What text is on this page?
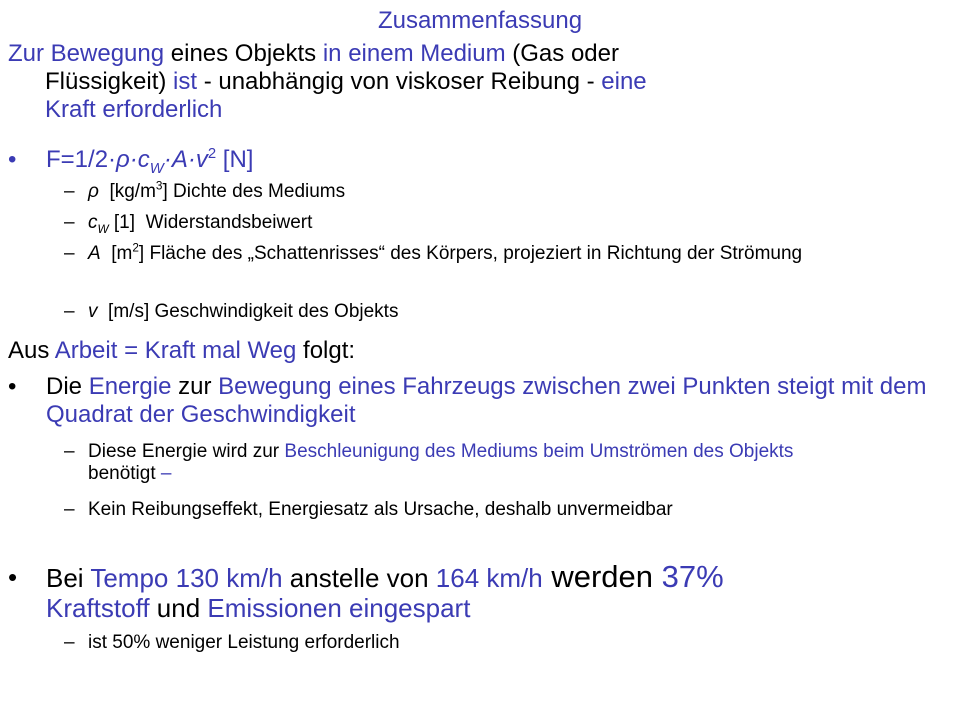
Zusammenfassung
Zur Bewegung eines Objekts in einem Medium (Gas oder
Flüssigkeit) ist - unabhängig von viskoser Reibung - eine
Kraft erforderlich
•	$F=1/2\cdot\rho\cdot c_W\cdot A\cdot v^2$ [N]
– ρ  $[kg/m^3]$ Dichte des Mediums
– $c_W$ [1]  Widerstandsbeiwert
– A  $[m^2]$ Fläche des „Schattenrisses“ des Körpers, projeziert in Richtung der Strömung
– v  [m/s] Geschwindigkeit des Objekts
Aus Arbeit = Kraft mal Weg folgt:
•	Die Energie zur Bewegung eines Fahrzeugs zwischen zwei Punkten steigt mit dem Quadrat der Geschwindigkeit
– Diese Energie wird zur Beschleunigung des Mediums beim Umströmen des Objekts benötigt –
– Kein Reibungseffekt, Energiesatz als Ursache, deshalb unvermeidbar
•	Bei Tempo 130 km/h anstelle von 164 km/h werden 37%
Kraftstoff und Emissionen eingespart
– ist 50% weniger Leistung erforderlich
